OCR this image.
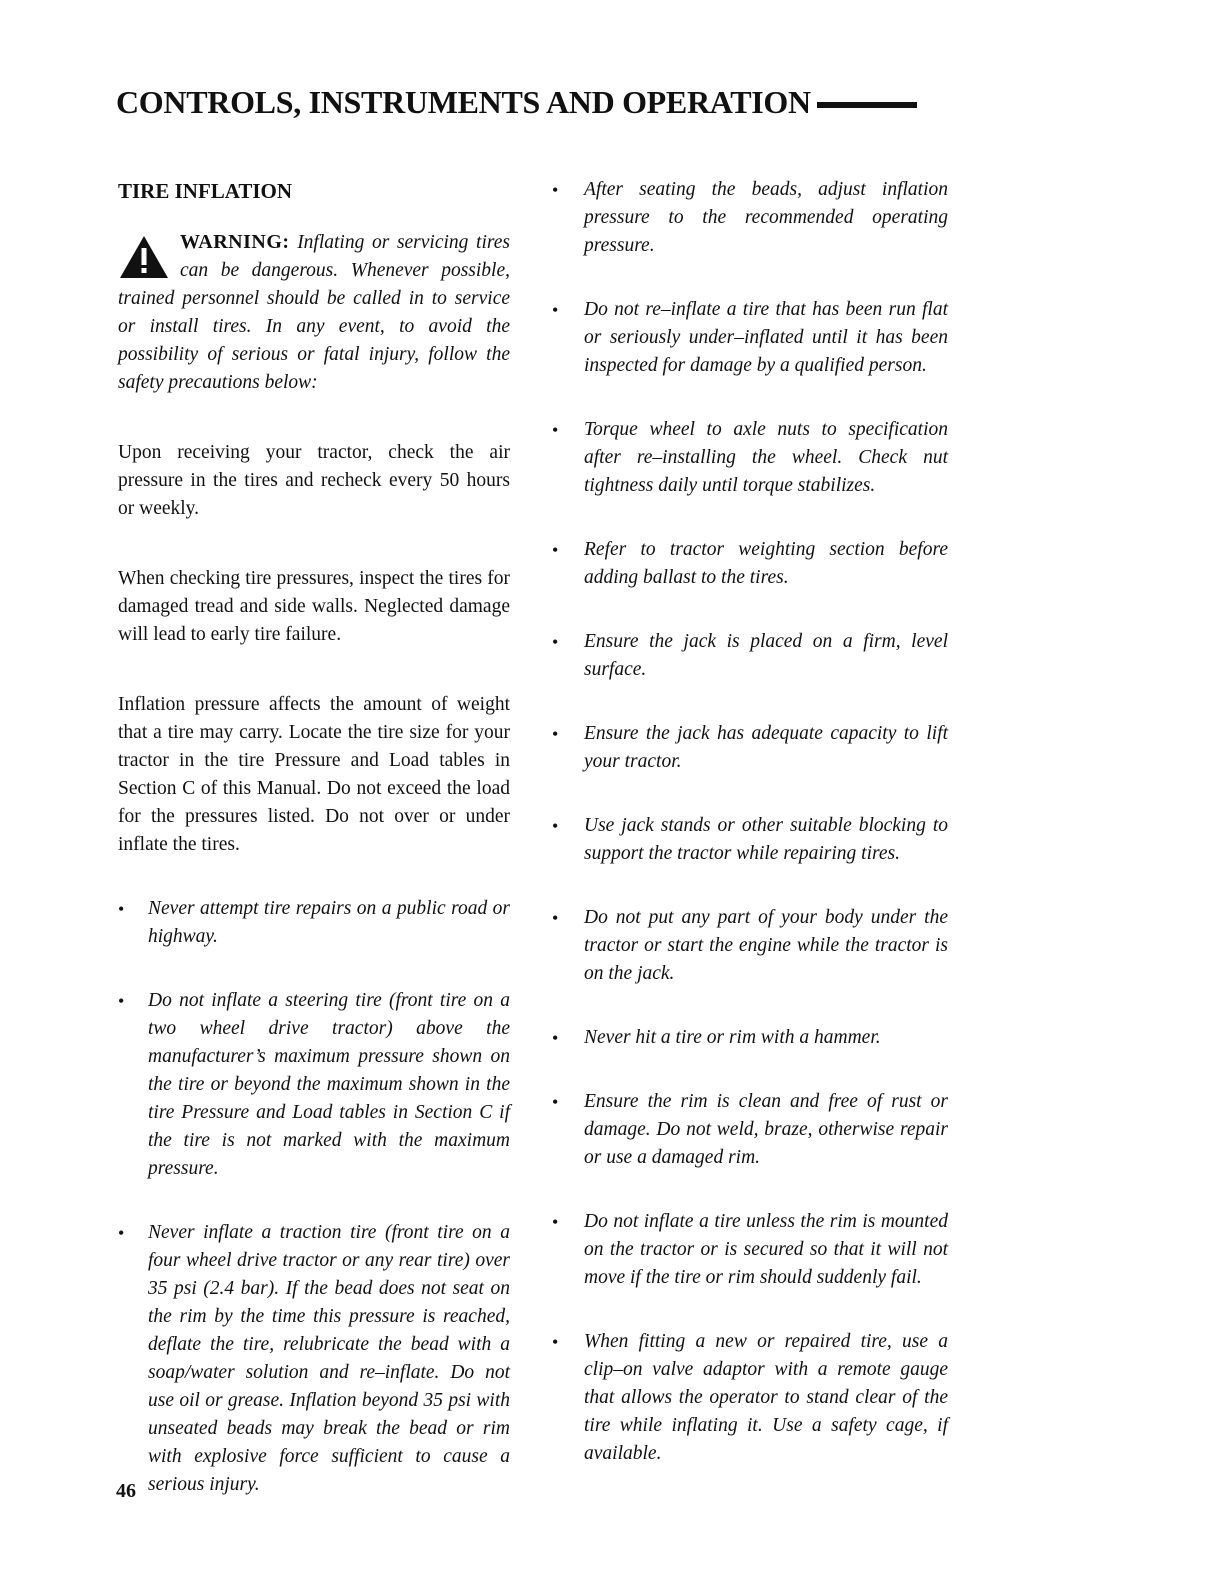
CONTROLS, INSTRUMENTS AND OPERATION
TIRE INFLATION
WARNING: Inflating or servicing tires can be dangerous. Whenever possible, trained personnel should be called in to service or install tires. In any event, to avoid the possibility of serious or fatal injury, follow the safety precautions below:

Upon receiving your tractor, check the air pressure in the tires and recheck every 50 hours or weekly.

When checking tire pressures, inspect the tires for damaged tread and side walls. Neglected damage will lead to early tire failure.

Inflation pressure affects the amount of weight that a tire may carry. Locate the tire size for your tractor in the tire Pressure and Load tables in Section C of this Manual. Do not exceed the load for the pressures listed. Do not over or under inflate the tires.

• Never attempt tire repairs on a public road or highway.
• Do not inflate a steering tire (front tire on a two wheel drive tractor) above the manufacturer’s maximum pressure shown on the tire or beyond the maximum shown in the tire Pressure and Load tables in Section C if the tire is not marked with the maximum pressure.
• Never inflate a traction tire (front tire on a four wheel drive tractor or any rear tire) over 35 psi (2.4 bar). If the bead does not seat on the rim by the time this pressure is reached, deflate the tire, relubricate the bead with a soap/water solution and re–inflate. Do not use oil or grease. Inflation beyond 35 psi with unseated beads may break the bead or rim with explosive force sufficient to cause a serious injury.
• After seating the beads, adjust inflation pressure to the recommended operating pressure.
• Do not re–inflate a tire that has been run flat or seriously under–inflated until it has been inspected for damage by a qualified person.
• Torque wheel to axle nuts to specification after re–installing the wheel. Check nut tightness daily until torque stabilizes.
• Refer to tractor weighting section before adding ballast to the tires.
• Ensure the jack is placed on a firm, level surface.
• Ensure the jack has adequate capacity to lift your tractor.
• Use jack stands or other suitable blocking to support the tractor while repairing tires.
• Do not put any part of your body under the tractor or start the engine while the tractor is on the jack.
• Never hit a tire or rim with a hammer.
• Ensure the rim is clean and free of rust or damage. Do not weld, braze, otherwise repair or use a damaged rim.
• Do not inflate a tire unless the rim is mounted on the tractor or is secured so that it will not move if the tire or rim should suddenly fail.
• When fitting a new or repaired tire, use a clip–on valve adaptor with a remote gauge that allows the operator to stand clear of the tire while inflating it. Use a safety cage, if available.
46
